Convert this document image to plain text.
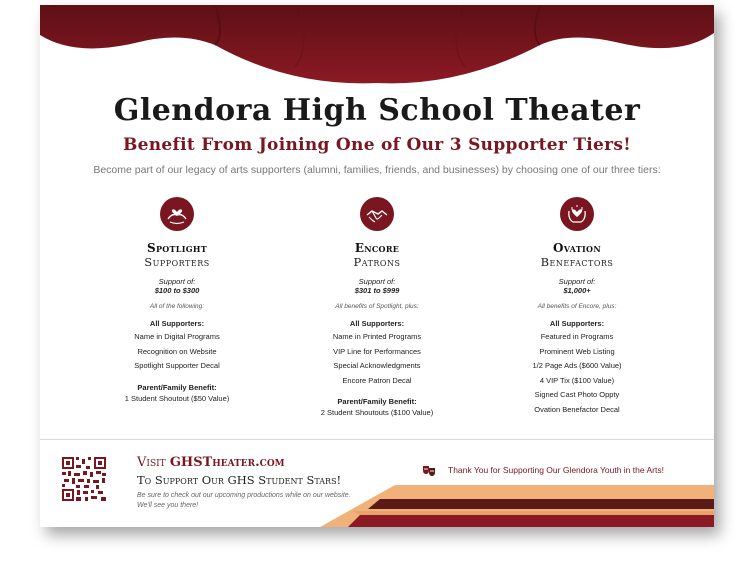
Glendora High School Theater
Benefit From Joining One of Our 3 Supporter Tiers!
Become part of our legacy of arts supporters (alumni, families, friends, and businesses) by choosing one of our three tiers:
Spotlight
Supporters
Support of:
$100 to $300
All of the following:
All Supporters:
Name in Digital Programs
Recognition on Website
Spotlight Supporter Decal
Parent/Family Benefit:
1 Student Shoutout ($50 Value)
Encore
Patrons
Support of:
$301 to $999
All benefits of Spotlight, plus:
All Supporters:
Name in Printed Programs
VIP Line for Performances
Special Acknowledgments
Encore Patron Decal
Parent/Family Benefit:
2 Student Shoutouts ($100 Value)
Ovation
Benefactors
Support of:
$1,000+
All benefits of Encore, plus:
All Supporters:
Featured in Programs
Prominent Web Listing
1/2 Page Ads ($600 Value)
4 VIP Tix ($100 Value)
Signed Cast Photo Oppty
Ovation Benefactor Decal
Visit GHSTheater.com
To Support Our GHS Student Stars!
Be sure to check out our upcoming productions while on our website. We'll see you there!
Thank You for Supporting Our Glendora Youth in the Arts!
